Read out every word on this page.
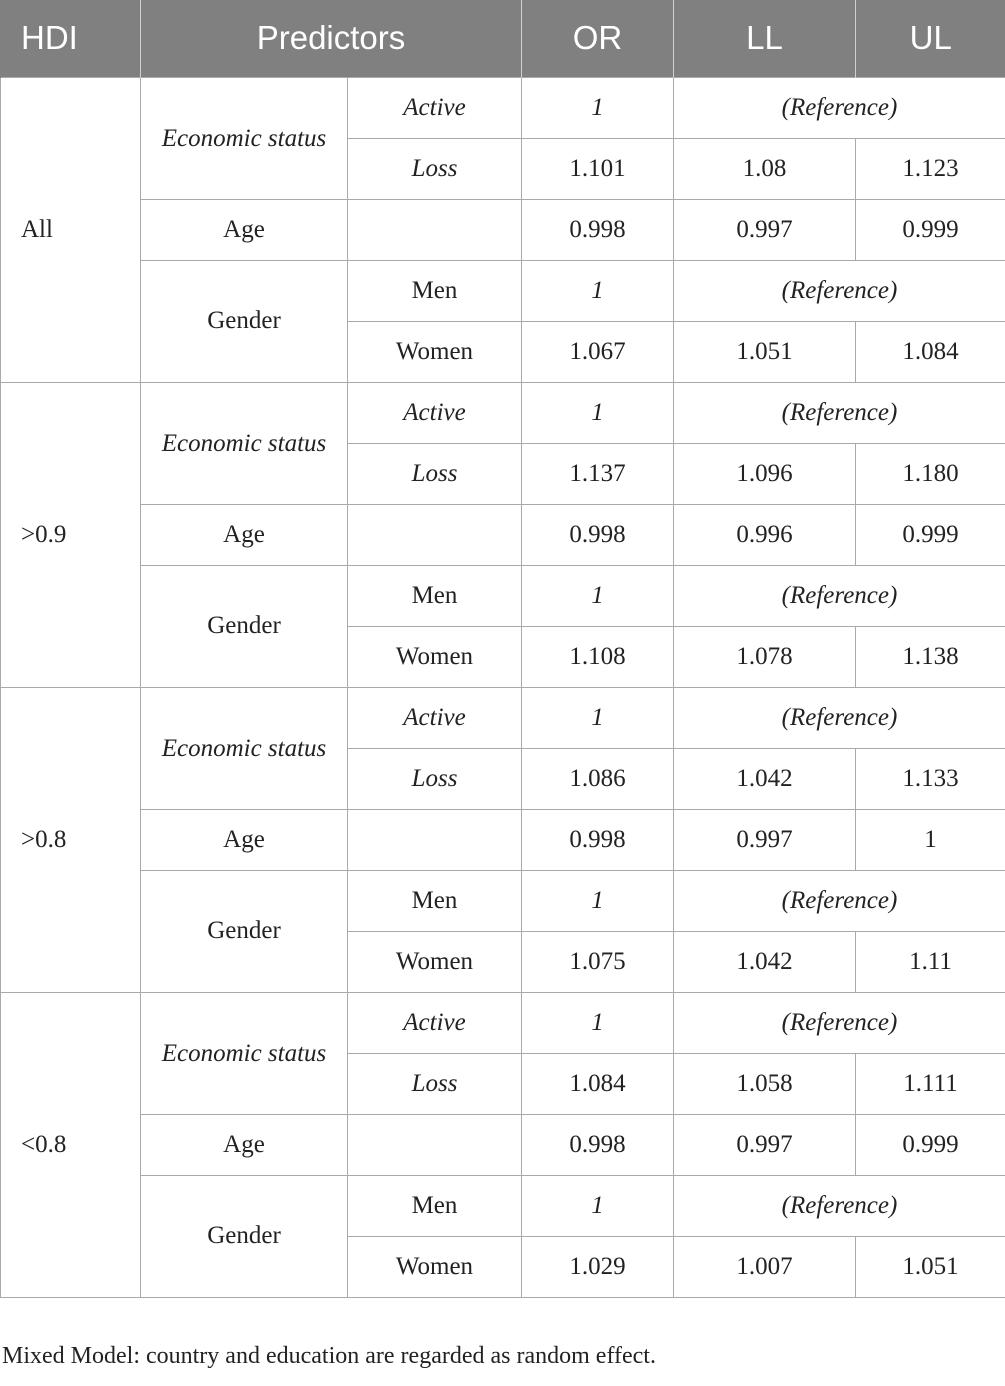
HDI	Predictors		OR	LL	UL
All	Economic status	Active	1	(Reference)	
		Loss	1.101	1.08	1.123
	Age		0.998	0.997	0.999
	Gender	Men	1	(Reference)	
		Women	1.067	1.051	1.084
>0.9	Economic status	Active	1	(Reference)	
		Loss	1.137	1.096	1.180
	Age		0.998	0.996	0.999
	Gender	Men	1	(Reference)	
		Women	1.108	1.078	1.138
>0.8	Economic status	Active	1	(Reference)	
		Loss	1.086	1.042	1.133
	Age		0.998	0.997	1
	Gender	Men	1	(Reference)	
		Women	1.075	1.042	1.11
<0.8	Economic status	Active	1	(Reference)	
		Loss	1.084	1.058	1.111
	Age		0.998	0.997	0.999
	Gender	Men	1	(Reference)	
		Women	1.029	1.007	1.051
Mixed Model: country and education are regarded as random effect.
